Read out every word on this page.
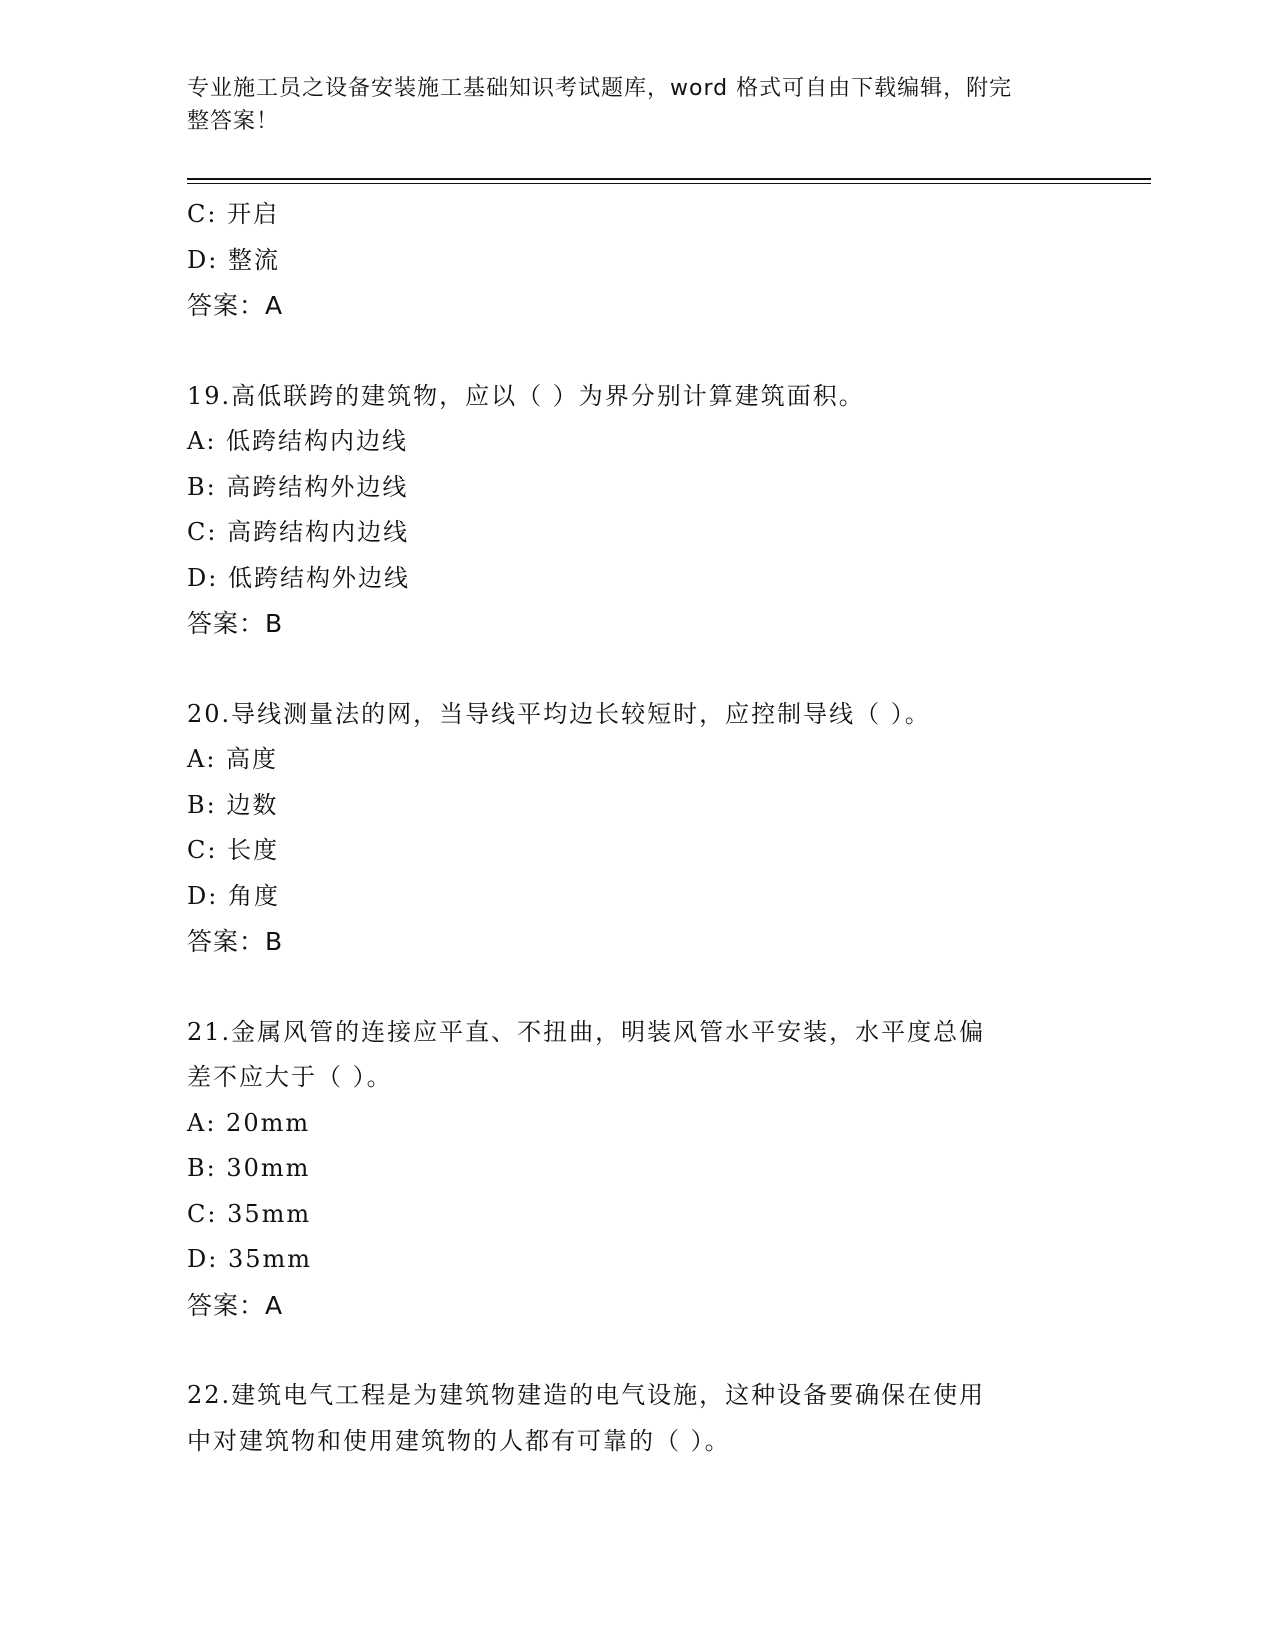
专业施工员之设备安装施工基础知识考试题库，word 格式可自由下载编辑，附完
整答案！
C: 开启
D: 整流
答案：A
19.高低联跨的建筑物，应以（ ）为界分别计算建筑面积。
A: 低跨结构内边线
B: 高跨结构外边线
C: 高跨结构内边线
D: 低跨结构外边线
答案：B
20.导线测量法的网，当导线平均边长较短时，应控制导线（ ）。
A: 高度
B: 边数
C: 长度
D: 角度
答案：B
21.金属风管的连接应平直、不扭曲，明装风管水平安装，水平度总偏
差不应大于（ ）。
A: 20mm
B: 30mm
C: 35mm
D: 35mm
答案：A
22.建筑电气工程是为建筑物建造的电气设施，这种设备要确保在使用
中对建筑物和使用建筑物的人都有可靠的（ ）。
